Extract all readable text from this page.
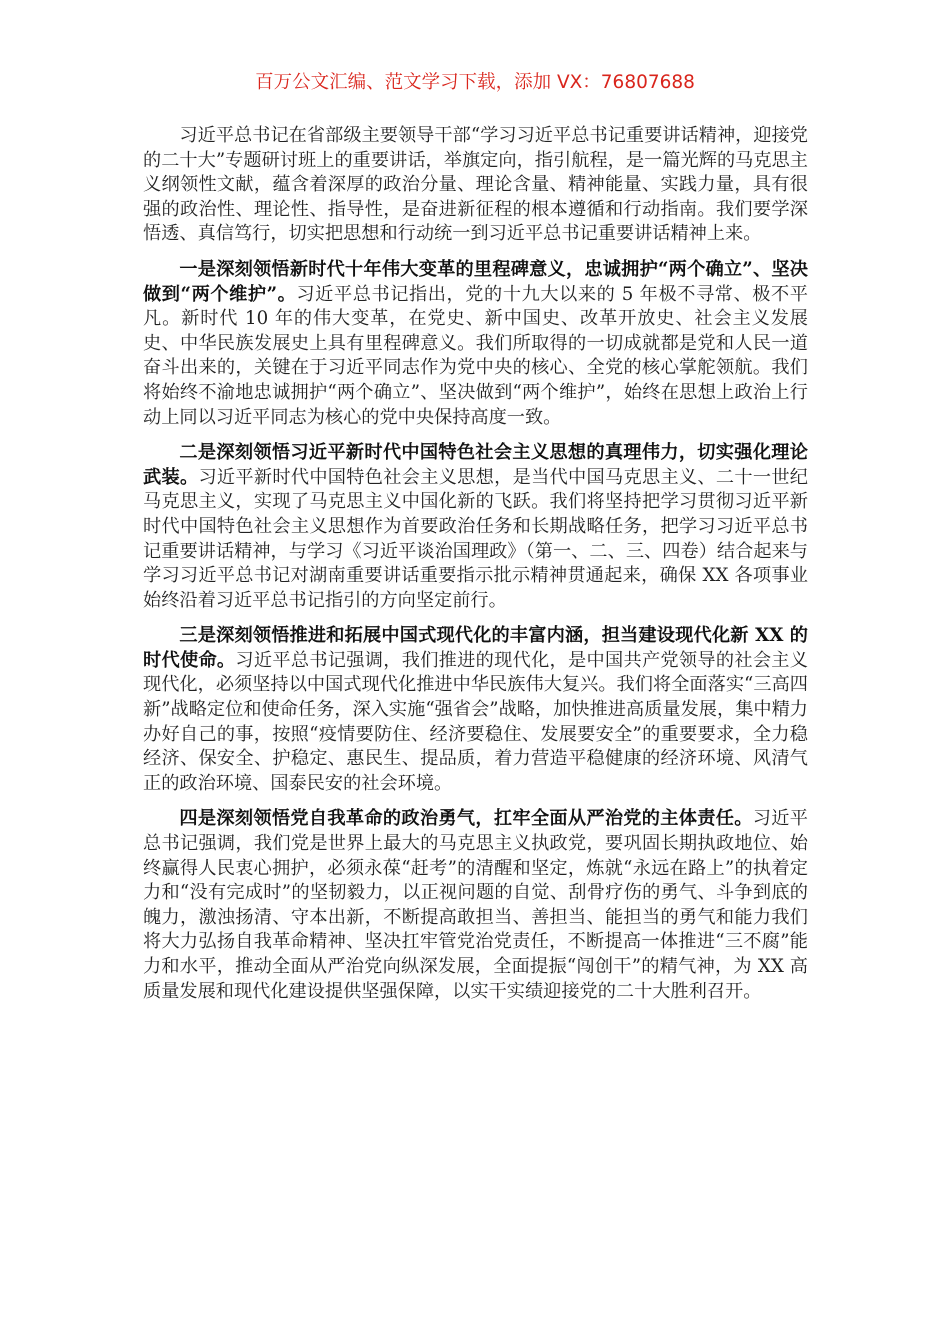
百万公文汇编、范文学习下载，添加 VX：76807688

习近平总书记在省部级主要领导干部“学习习近平总书记重要讲话精神，迎接党的二十大”专题研讨班上的重要讲话，举旗定向，指引航程，是一篇光辉的马克思主义纲领性文献，蕴含着深厚的政治分量、理论含量、精神能量、实践力量，具有很强的政治性、理论性、指导性，是奋进新征程的根本遵循和行动指南。我们要学深悟透、真信笃行，切实把思想和行动统一到习近平总书记重要讲话精神上来。

一是深刻领悟新时代十年伟大变革的里程碑意义，忠诚拥护“两个确立”、坚决做到“两个维护”。习近平总书记指出，党的十九大以来的 5 年极不寻常、极不平凡。新时代 10 年的伟大变革，在党史、新中国史、改革开放史、社会主义发展史、中华民族发展史上具有里程碑意义。我们所取得的一切成就都是党和人民一道奋斗出来的，关键在于习近平同志作为党中央的核心、全党的核心掌舵领航。我们将始终不渝地忠诚拥护“两个确立”、坚决做到“两个维护”，始终在思想上政治上行动上同以习近平同志为核心的党中央保持高度一致。

二是深刻领悟习近平新时代中国特色社会主义思想的真理伟力，切实强化理论武装。习近平新时代中国特色社会主义思想，是当代中国马克思主义、二十一世纪马克思主义，实现了马克思主义中国化新的飞跃。我们将坚持把学习贯彻习近平新时代中国特色社会主义思想作为首要政治任务和长期战略任务，把学习习近平总书记重要讲话精神，与学习《习近平谈治国理政》（第一、二、三、四卷）结合起来与学习习近平总书记对湖南重要讲话重要指示批示精神贯通起来，确保 XX 各项事业始终沿着习近平总书记指引的方向坚定前行。

三是深刻领悟推进和拓展中国式现代化的丰富内涵，担当建设现代化新 XX 的时代使命。习近平总书记强调，我们推进的现代化，是中国共产党领导的社会主义现代化，必须坚持以中国式现代化推进中华民族伟大复兴。我们将全面落实“三高四新”战略定位和使命任务，深入实施“强省会”战略，加快推进高质量发展，集中精力办好自己的事，按照“疫情要防住、经济要稳住、发展要安全”的重要要求，全力稳经济、保安全、护稳定、惠民生、提品质，着力营造平稳健康的经济环境、风清气正的政治环境、国泰民安的社会环境。

四是深刻领悟党自我革命的政治勇气，扛牢全面从严治党的主体责任。习近平总书记强调，我们党是世界上最大的马克思主义执政党，要巩固长期执政地位、始终赢得人民衷心拥护，必须永葆“赶考”的清醒和坚定，炼就“永远在路上”的执着定力和“没有完成时”的坚韧毅力，以正视问题的自觉、刮骨疗伤的勇气、斗争到底的魄力，激浊扬清、守本出新，不断提高敢担当、善担当、能担当的勇气和能力我们将大力弘扬自我革命精神、坚决扛牢管党治党责任，不断提高一体推进“三不腐”能力和水平，推动全面从严治党向纵深发展，全面提振“闯创干”的精气神，为 XX 高质量发展和现代化建设提供坚强保障，以实干实绩迎接党的二十大胜利召开。
